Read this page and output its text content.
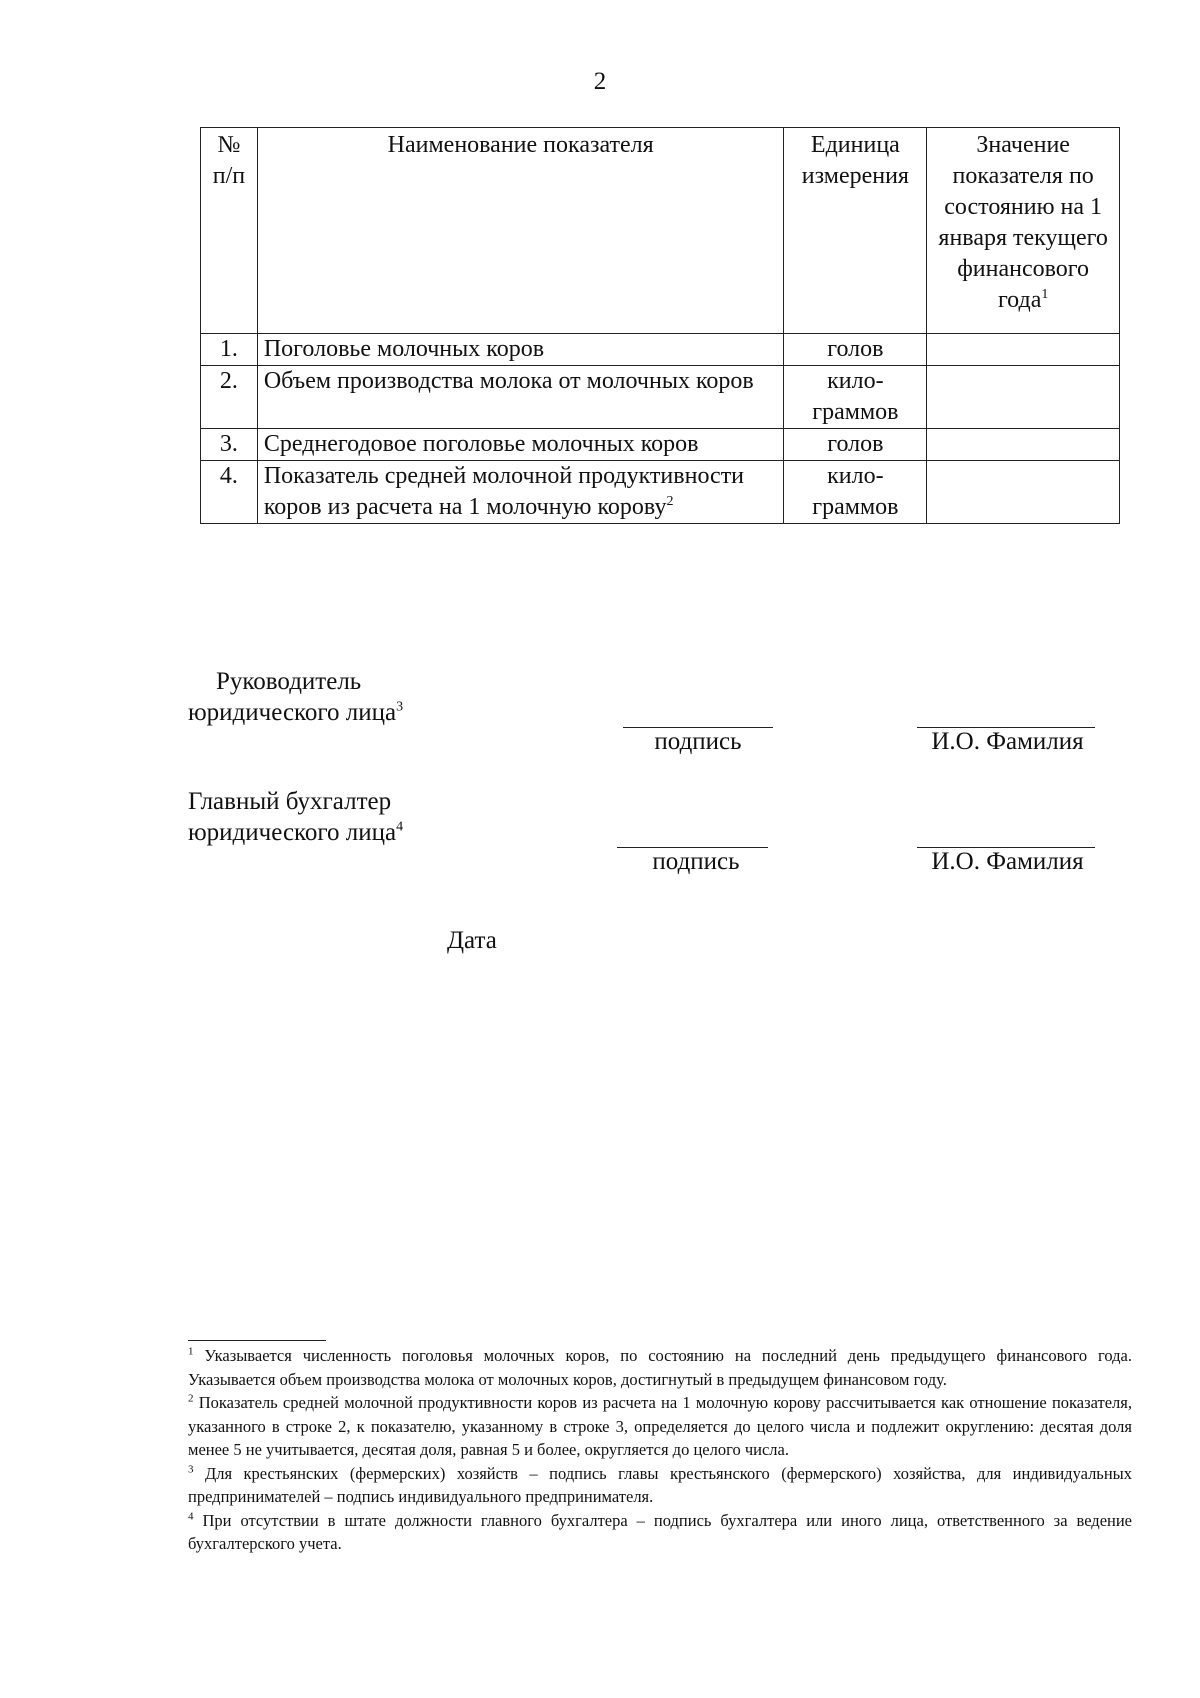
2
№ п/п	Наименование показателя	Единица измерения	Значение показателя по состоянию на 1 января текущего финансового года$^1$
1.	Поголовье молочных коров	голов	
2.	Объем производства молока от молочных коров	кило-граммов	
3.	Среднегодовое поголовье молочных коров	голов	
4.	Показатель средней молочной продуктивности коров из расчета на 1 молочную корову$^2$	кило-граммов	
Руководитель
юридического лица$^3$
подпись	И.О. Фамилия
Главный бухгалтер
юридического лица$^4$
подпись	И.О. Фамилия
Дата

$^1$ Указывается численность поголовья молочных коров, по состоянию на последний день предыдущего финансового года. Указывается объем производства молока от молочных коров, достигнутый в предыдущем финансовом году.

$^2$ Показатель средней молочной продуктивности коров из расчета на 1 молочную корову рассчитывается как отношение показателя, указанного в строке 2, к показателю, указанному в строке 3, определяется до целого числа и подлежит округлению: десятая доля менее 5 не учитывается, десятая доля, равная 5 и более, округляется до целого числа.

$^3$ Для крестьянских (фермерских) хозяйств – подпись главы крестьянского (фермерского) хозяйства, для индивидуальных предпринимателей – подпись индивидуального предпринимателя.

$^4$ При отсутствии в штате должности главного бухгалтера – подпись бухгалтера или иного лица, ответственного за ведение бухгалтерского учета.
